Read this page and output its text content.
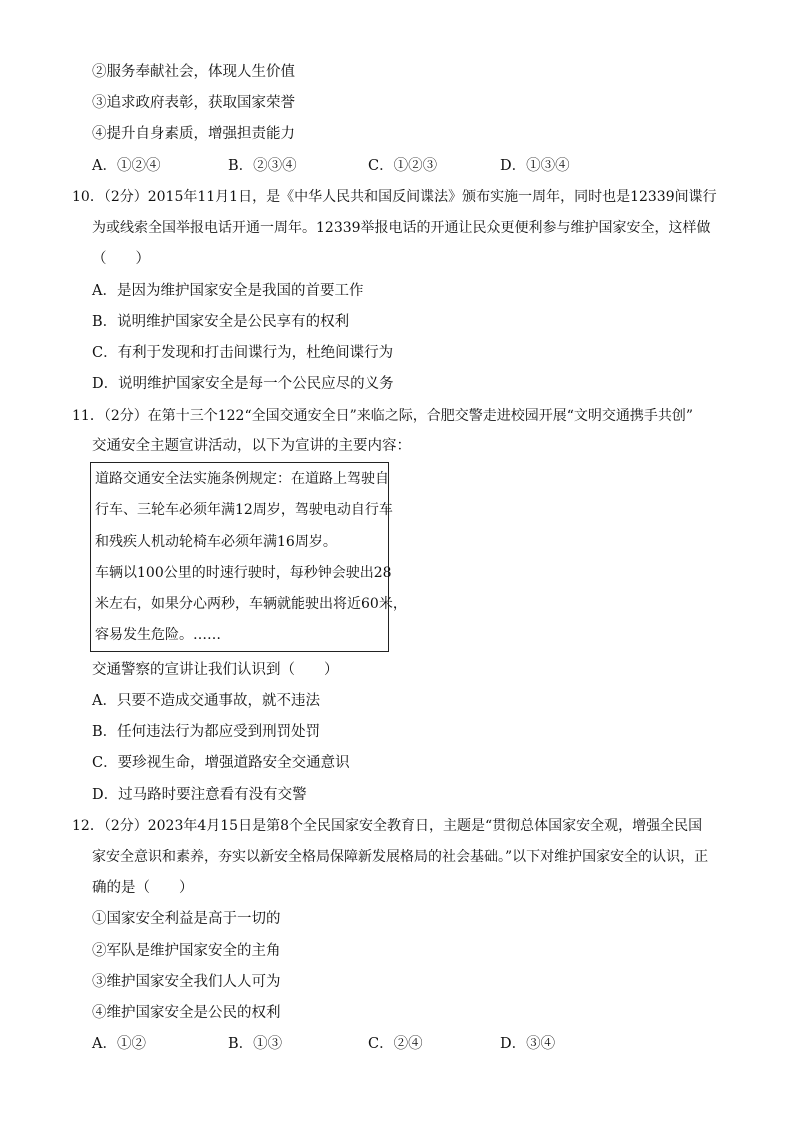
②服务奉献社会，体现人生价值
③追求政府表彰，获取国家荣誉
④提升自身素质，增强担责能力
A．①②④	B．②③④	C．①②③	D．①③④
10．（2分）2015年11月1日，是《中华人民共和国反间谍法》颁布实施一周年，同时也是12339间谍行
为或线索全国举报电话开通一周年。12339举报电话的开通让民众更便利参与维护国家安全，这样做
（　　）
A．是因为维护国家安全是我国的首要工作
B．说明维护国家安全是公民享有的权利
C．有利于发现和打击间谍行为，杜绝间谍行为
D．说明维护国家安全是每一个公民应尽的义务
11．（2分）在第十三个122“全国交通安全日”来临之际，合肥交警走进校园开展“文明交通携手共创”
交通安全主题宣讲活动，以下为宣讲的主要内容：
道路交通安全法实施条例规定：在道路上驾驶自
行车、三轮车必须年满12周岁，驾驶电动自行车
和残疾人机动轮椅车必须年满16周岁。
车辆以100公里的时速行驶时，每秒钟会驶出28
米左右，如果分心两秒，车辆就能驶出将近60米，
容易发生危险。……
交通警察的宣讲让我们认识到（　　）
A．只要不造成交通事故，就不违法
B．任何违法行为都应受到刑罚处罚
C．要珍视生命，增强道路安全交通意识
D．过马路时要注意看有没有交警
12．（2分）2023年4月15日是第8个全民国家安全教育日，主题是“贯彻总体国家安全观，增强全民国
家安全意识和素养，夯实以新安全格局保障新发展格局的社会基础。”以下对维护国家安全的认识，正
确的是（　　）
①国家安全利益是高于一切的
②军队是维护国家安全的主角
③维护国家安全我们人人可为
④维护国家安全是公民的权利
A．①②	B．①③	C．②④	D．③④
